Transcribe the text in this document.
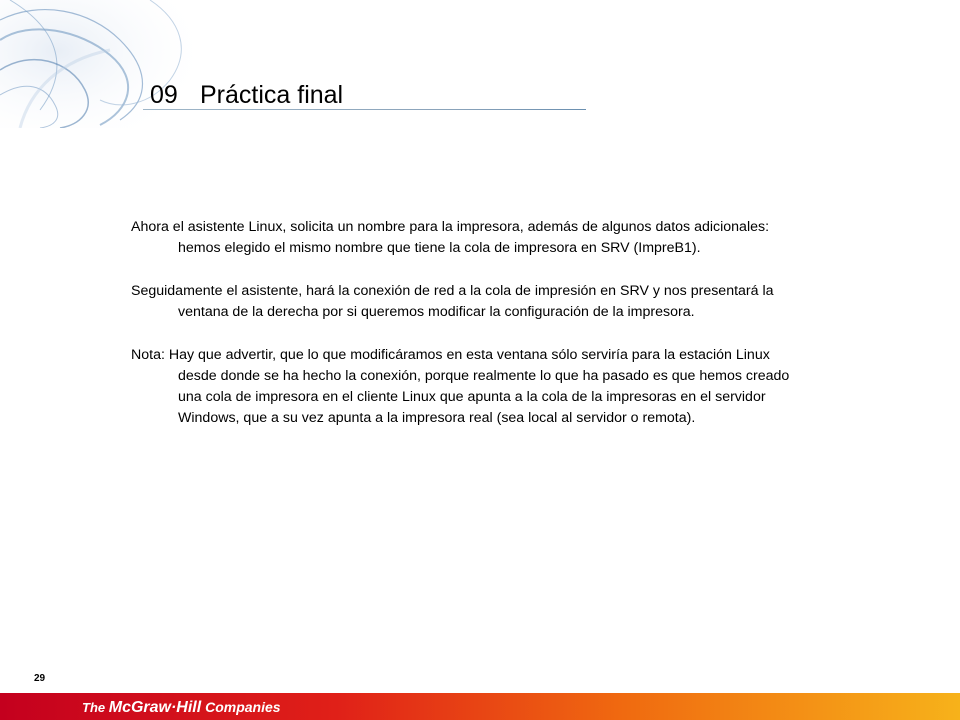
09 Práctica final

Ahora el asistente Linux, solicita un nombre para la impresora, además de algunos datos adicionales:
hemos elegido el mismo nombre que tiene la cola de impresora en SRV (ImpreB1).

Seguidamente el asistente, hará la conexión de red a la cola de impresión en SRV y nos presentará la
ventana de la derecha por si queremos modificar la configuración de la impresora.

Nota: Hay que advertir, que lo que modificáramos en esta ventana sólo serviría para la estación Linux
desde donde se ha hecho la conexión, porque realmente lo que ha pasado es que hemos creado
una cola de impresora en el cliente Linux que apunta a la cola de la impresoras en el servidor
Windows, que a su vez apunta a la impresora real (sea local al servidor o remota).

29
The McGraw·Hill Companies
